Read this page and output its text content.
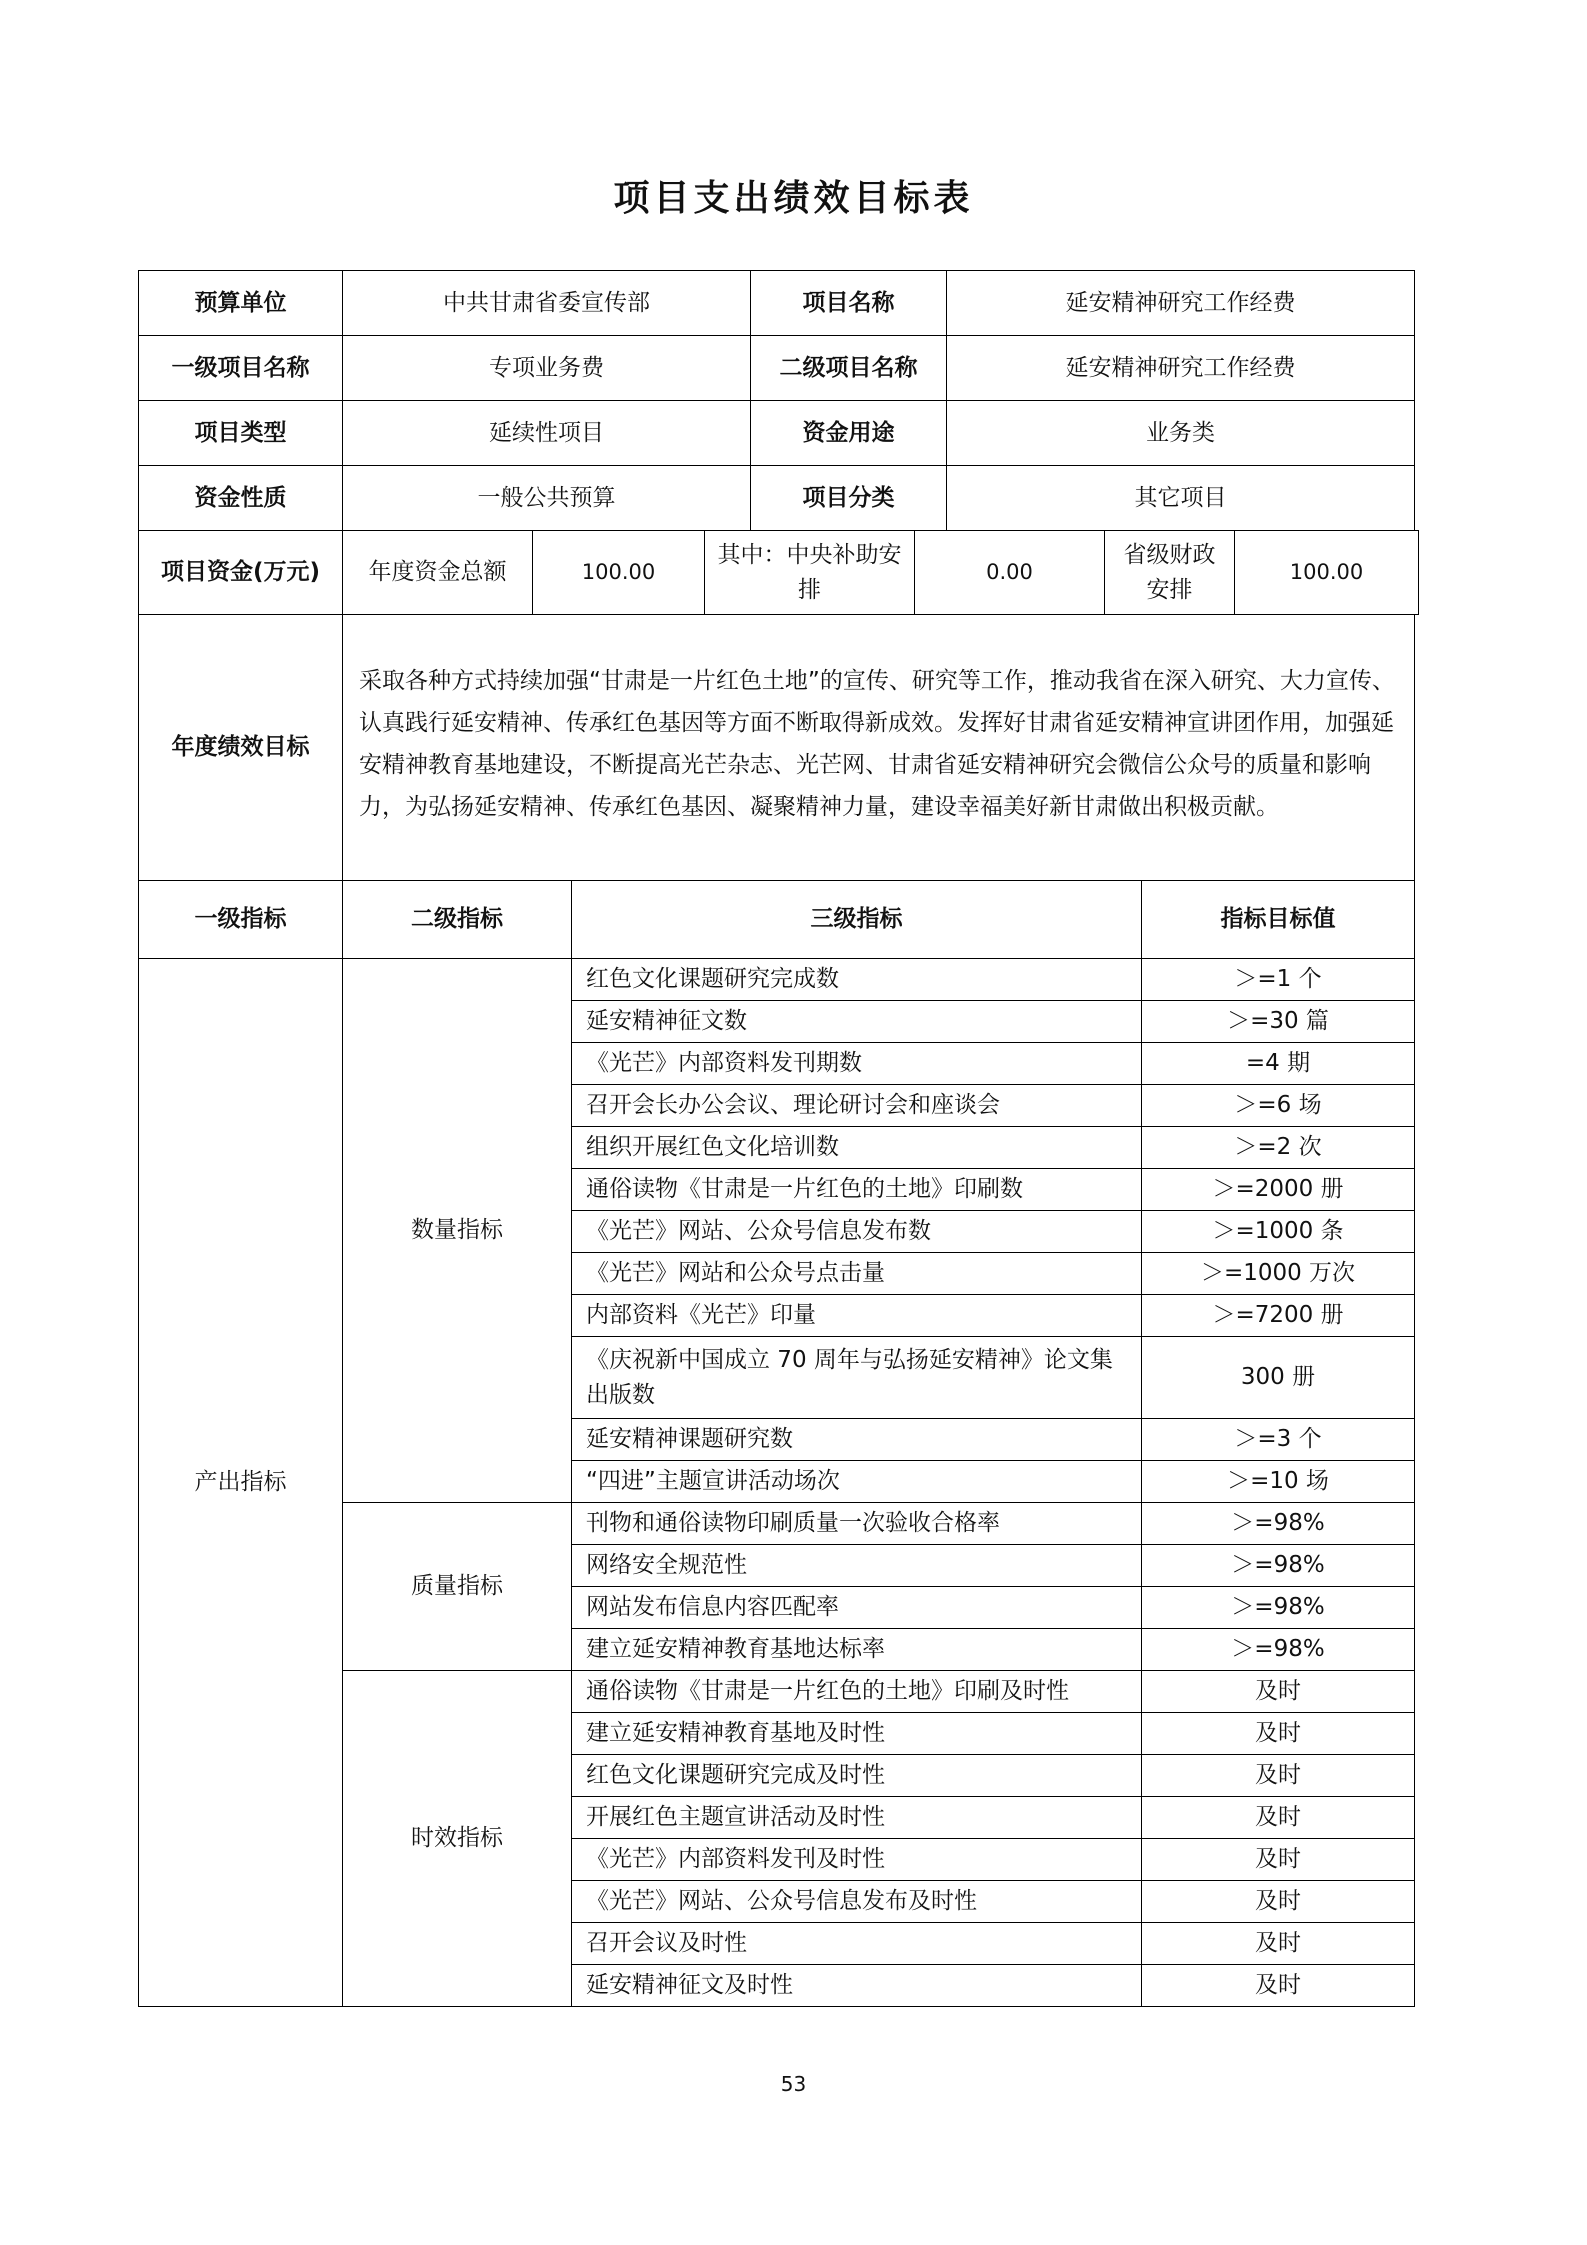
项目支出绩效目标表
预算单位	中共甘肃省委宣传部	项目名称	延安精神研究工作经费
一级项目名称	专项业务费	二级项目名称	延安精神研究工作经费
项目类型	延续性项目	资金用途	业务类
资金性质	一般公共预算	项目分类	其它项目
项目资金(万元)	年度资金总额	100.00	其中：中央补助安排	0.00	省级财政安排	100.00
年度绩效目标	采取各种方式持续加强“甘肃是一片红色土地”的宣传、研究等工作，推动我省在深入研究、大力宣传、认真践行延安精神、传承红色基因等方面不断取得新成效。发挥好甘肃省延安精神宣讲团作用，加强延安精神教育基地建设，不断提高光芒杂志、光芒网、甘肃省延安精神研究会微信公众号的质量和影响力，为弘扬延安精神、传承红色基因、凝聚精神力量，建设幸福美好新甘肃做出积极贡献。
一级指标	二级指标	三级指标	指标目标值
产出指标	数量指标	红色文化课题研究完成数	＞=1 个
		延安精神征文数	＞=30 篇
		《光芒》内部资料发刊期数	=4 期
		召开会长办公会议、理论研讨会和座谈会	＞=6 场
		组织开展红色文化培训数	＞=2 次
		通俗读物《甘肃是一片红色的土地》印刷数	＞=2000 册
		《光芒》网站、公众号信息发布数	＞=1000 条
		《光芒》网站和公众号点击量	＞=1000 万次
		内部资料《光芒》印量	＞=7200 册
		《庆祝新中国成立 70 周年与弘扬延安精神》论文集出版数	300 册
		延安精神课题研究数	＞=3 个
		“四进”主题宣讲活动场次	＞=10 场
	质量指标	刊物和通俗读物印刷质量一次验收合格率	＞=98%
		网络安全规范性	＞=98%
		网站发布信息内容匹配率	＞=98%
		建立延安精神教育基地达标率	＞=98%
	时效指标	通俗读物《甘肃是一片红色的土地》印刷及时性	及时
		建立延安精神教育基地及时性	及时
		红色文化课题研究完成及时性	及时
		开展红色主题宣讲活动及时性	及时
		《光芒》内部资料发刊及时性	及时
		《光芒》网站、公众号信息发布及时性	及时
		召开会议及时性	及时
		延安精神征文及时性	及时
53
